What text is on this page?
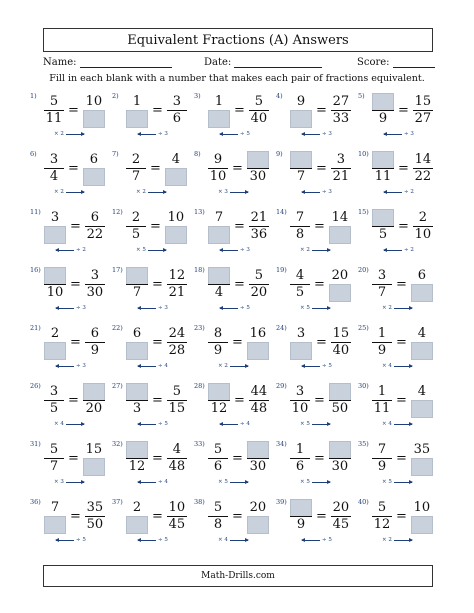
Equivalent Fractions (A) Answers
Name:	Date:	Score:
Fill in each blank with a number that makes each pair of fractions equivalent.
$1) \frac{5}{11}$ =
10
× 2
2) 1
= $\frac{3}{6}$
÷ 3
3) 1
= $\frac{5}{40}$
÷ 5
4) 9
= $\frac{27}{33}$
÷ 3
5)
9
= $\frac{15}{27}$
÷ 3
$6) \frac{3}{4}$ =
6
× 2
$7) \frac{2}{7}$ =
4
× 2
$8) \frac{9}{10}$ =
30
× 3
9)
7
= $\frac{3}{21}$
÷ 3
10)
11
= $\frac{14}{22}$
÷ 2
11) 3
= $\frac{6}{22}$
÷ 2
$12) \frac{2}{5}$ =
10
× 5
13) 7
= $\frac{21}{36}$
÷ 3
$14) \frac{7}{8}$ =
14
× 2
15)
5
= $\frac{2}{10}$
÷ 2
16)
10
= $\frac{3}{30}$
÷ 3
17)
7
= $\frac{12}{21}$
÷ 3
18)
4
= $\frac{5}{20}$
÷ 5
$19) \frac{4}{5}$ =
20
× 5
$20) \frac{3}{7}$ =
6
× 2
21) 2
= $\frac{6}{9}$
÷ 3
22) 6
= $\frac{24}{28}$
÷ 4
$23) \frac{8}{9}$ =
16
× 2
24) 3
= $\frac{15}{40}$
÷ 5
$25) \frac{1}{9}$ =
4
× 4
$26) \frac{3}{5}$ =
20
× 4
27)
3
= $\frac{5}{15}$
÷ 5
28)
12
= $\frac{44}{48}$
÷ 4
$29) \frac{3}{10}$ =
50
× 5
$30) \frac{1}{11}$ =
4
× 4
$31) \frac{5}{7}$ =
15
× 3
32)
12
= $\frac{4}{48}$
÷ 4
$33) \frac{5}{6}$ =
30
× 5
$34) \frac{1}{6}$ =
30
× 5
$35) \frac{7}{9}$ =
35
× 5
36) 7
= $\frac{35}{50}$
÷ 5
37) 2
= $\frac{10}{45}$
÷ 5
$38) \frac{5}{8}$ =
20
× 4
39)
9
= $\frac{20}{45}$
÷ 5
$40) \frac{5}{12}$ =
10
× 2
Math-Drills.com
